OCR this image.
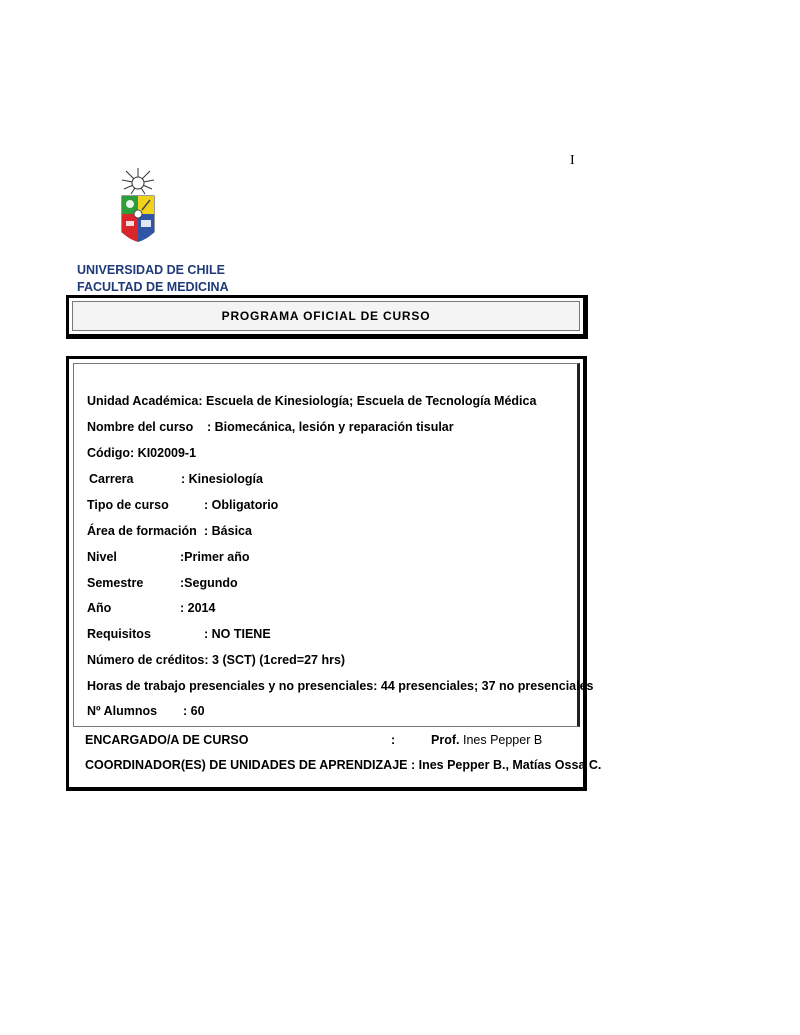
I
UNIVERSIDAD DE CHILE
FACULTAD DE MEDICINA
PROGRAMA OFICIAL DE CURSO
Unidad Académica: Escuela de Kinesiología; Escuela de Tecnología Médica
Nombre del curso : Biomecánica, lesión y reparación tisular
Código: KI02009-1
Carrera	: Kinesiología
Tipo de curso	: Obligatorio
Área de formación : Básica
Nivel	:Primer año
Semestre	:Segundo
Año	: 2014
Requisitos	: NO TIENE
Número de créditos: 3 (SCT) (1cred=27 hrs)
Horas de trabajo presenciales y no presenciales: 44 presenciales; 37 no presenciales
Nº Alumnos : 60
ENCARGADO/A DE CURSO	:	Prof. Ines Pepper B
COORDINADOR(ES) DE UNIDADES DE APRENDIZAJE : Ines Pepper B., Matías Ossa C.
